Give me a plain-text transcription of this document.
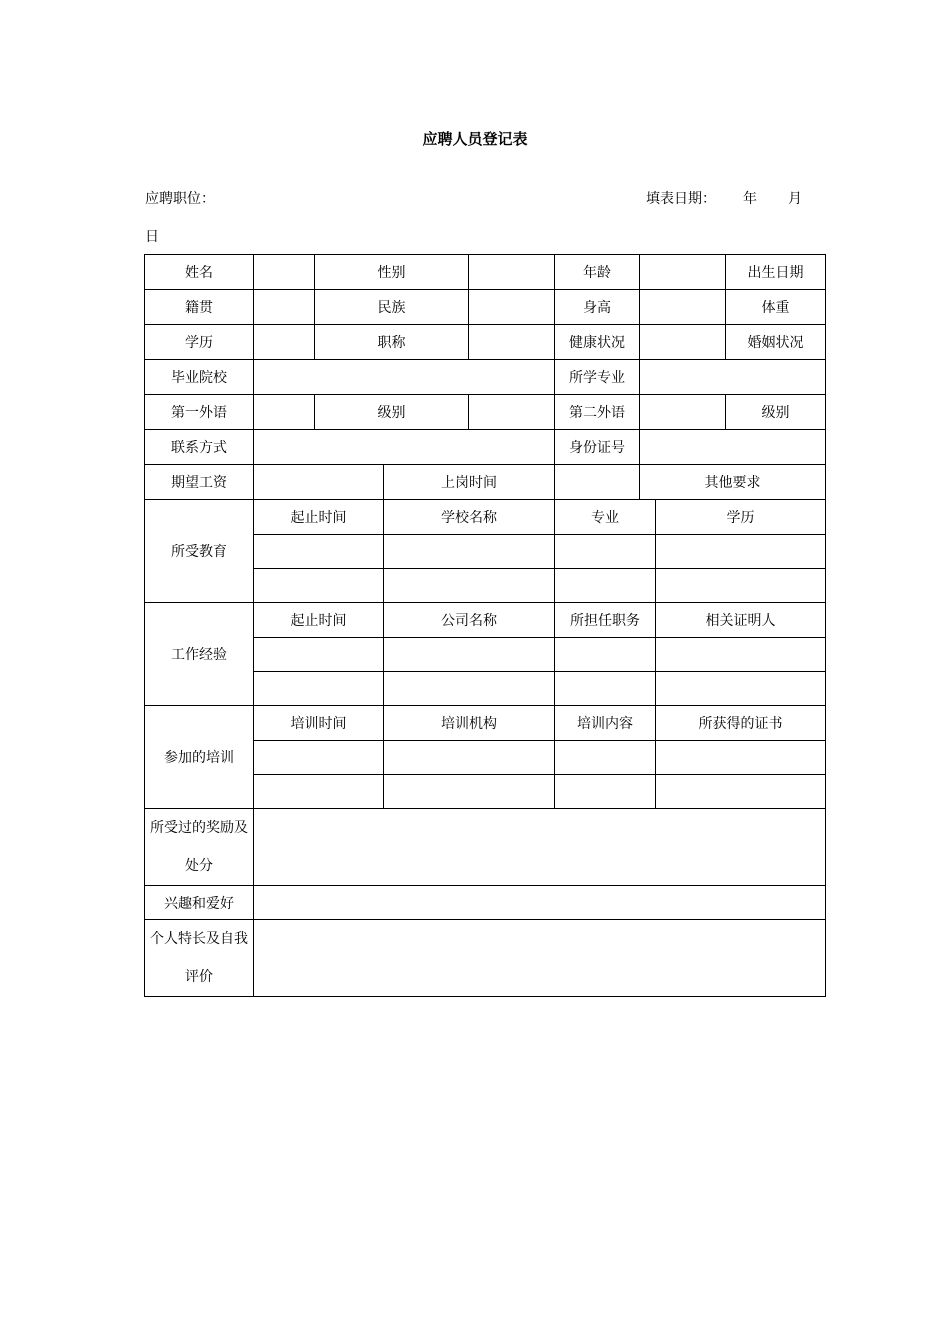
应聘人员登记表
应聘职位：	填表日期： 年 月
日
姓名		性别			年龄			出生日期	
籍贯		民族			身高			体重	
学历		职称			健康状况			婚姻状况	
毕业院校					所学专业				
第一外语		级别			第二外语			级别	
联系方式					身份证号				
期望工资			上岗时间			其他要求			
所受教育	起止时间		学校名称		专业		学历		

工作经验	起止时间		公司名称		所担任职务		相关证明人		

参加的培训	培训时间		培训机构		培训内容		所获得的证书		

所受过的奖励及处分									
兴趣和爱好									
个人特长及自我评价									
